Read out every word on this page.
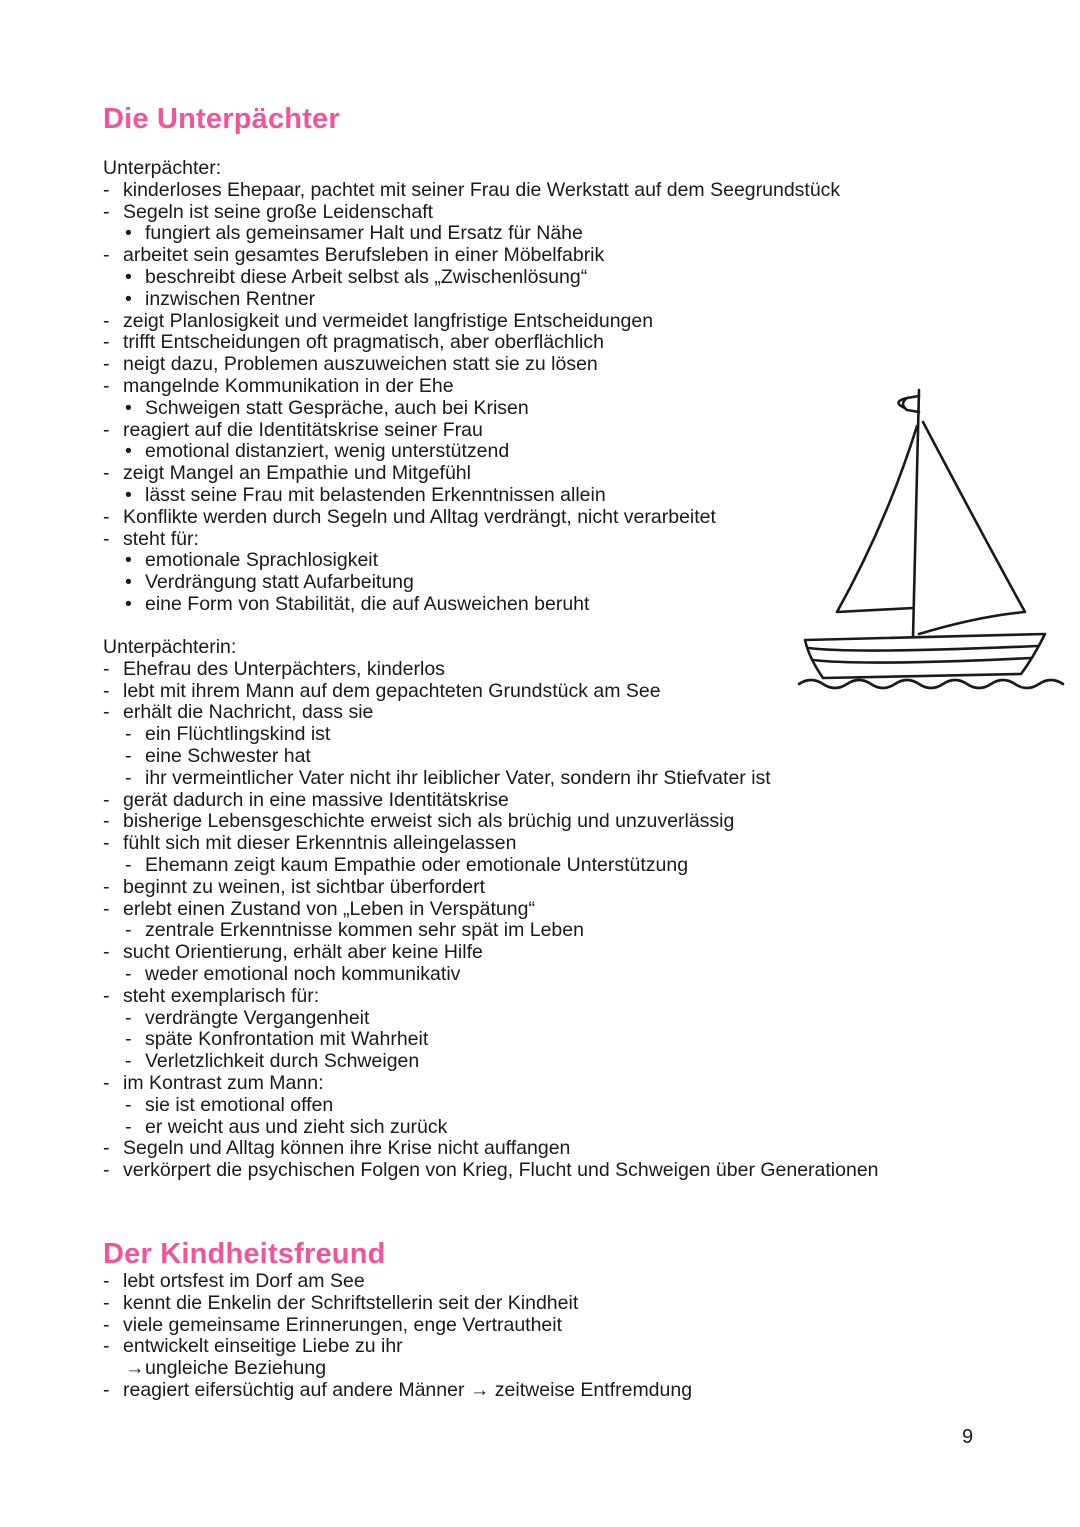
Die Unterpächter
Unterpächter:
- kinderloses Ehepaar, pachtet mit seiner Frau die Werkstatt auf dem Seegrundstück
- Segeln ist seine große Leidenschaft
• fungiert als gemeinsamer Halt und Ersatz für Nähe
- arbeitet sein gesamtes Berufsleben in einer Möbelfabrik
• beschreibt diese Arbeit selbst als „Zwischenlösung“
• inzwischen Rentner
- zeigt Planlosigkeit und vermeidet langfristige Entscheidungen
- trifft Entscheidungen oft pragmatisch, aber oberflächlich
- neigt dazu, Problemen auszuweichen statt sie zu lösen
- mangelnde Kommunikation in der Ehe
• Schweigen statt Gespräche, auch bei Krisen
- reagiert auf die Identitätskrise seiner Frau
• emotional distanziert, wenig unterstützend
- zeigt Mangel an Empathie und Mitgefühl
• lässt seine Frau mit belastenden Erkenntnissen allein
- Konflikte werden durch Segeln und Alltag verdrängt, nicht verarbeitet
- steht für:
• emotionale Sprachlosigkeit
• Verdrängung statt Aufarbeitung
• eine Form von Stabilität, die auf Ausweichen beruht
Unterpächterin:
- Ehefrau des Unterpächters, kinderlos
- lebt mit ihrem Mann auf dem gepachteten Grundstück am See
- erhält die Nachricht, dass sie
- ein Flüchtlingskind ist
- eine Schwester hat
- ihr vermeintlicher Vater nicht ihr leiblicher Vater, sondern ihr Stiefvater ist
- gerät dadurch in eine massive Identitätskrise
- bisherige Lebensgeschichte erweist sich als brüchig und unzuverlässig
- fühlt sich mit dieser Erkenntnis alleingelassen
- Ehemann zeigt kaum Empathie oder emotionale Unterstützung
- beginnt zu weinen, ist sichtbar überfordert
- erlebt einen Zustand von „Leben in Verspätung“
- zentrale Erkenntnisse kommen sehr spät im Leben
- sucht Orientierung, erhält aber keine Hilfe
- weder emotional noch kommunikativ
- steht exemplarisch für:
- verdrängte Vergangenheit
- späte Konfrontation mit Wahrheit
- Verletzlichkeit durch Schweigen
- im Kontrast zum Mann:
- sie ist emotional offen
- er weicht aus und zieht sich zurück
- Segeln und Alltag können ihre Krise nicht auffangen
- verkörpert die psychischen Folgen von Krieg, Flucht und Schweigen über Generationen
Der Kindheitsfreund
- lebt ortsfest im Dorf am See
- kennt die Enkelin der Schriftstellerin seit der Kindheit
- viele gemeinsame Erinnerungen, enge Vertrautheit
- entwickelt einseitige Liebe zu ihr
→ungleiche Beziehung
- reagiert eifersüchtig auf andere Männer → zeitweise Entfremdung
9
